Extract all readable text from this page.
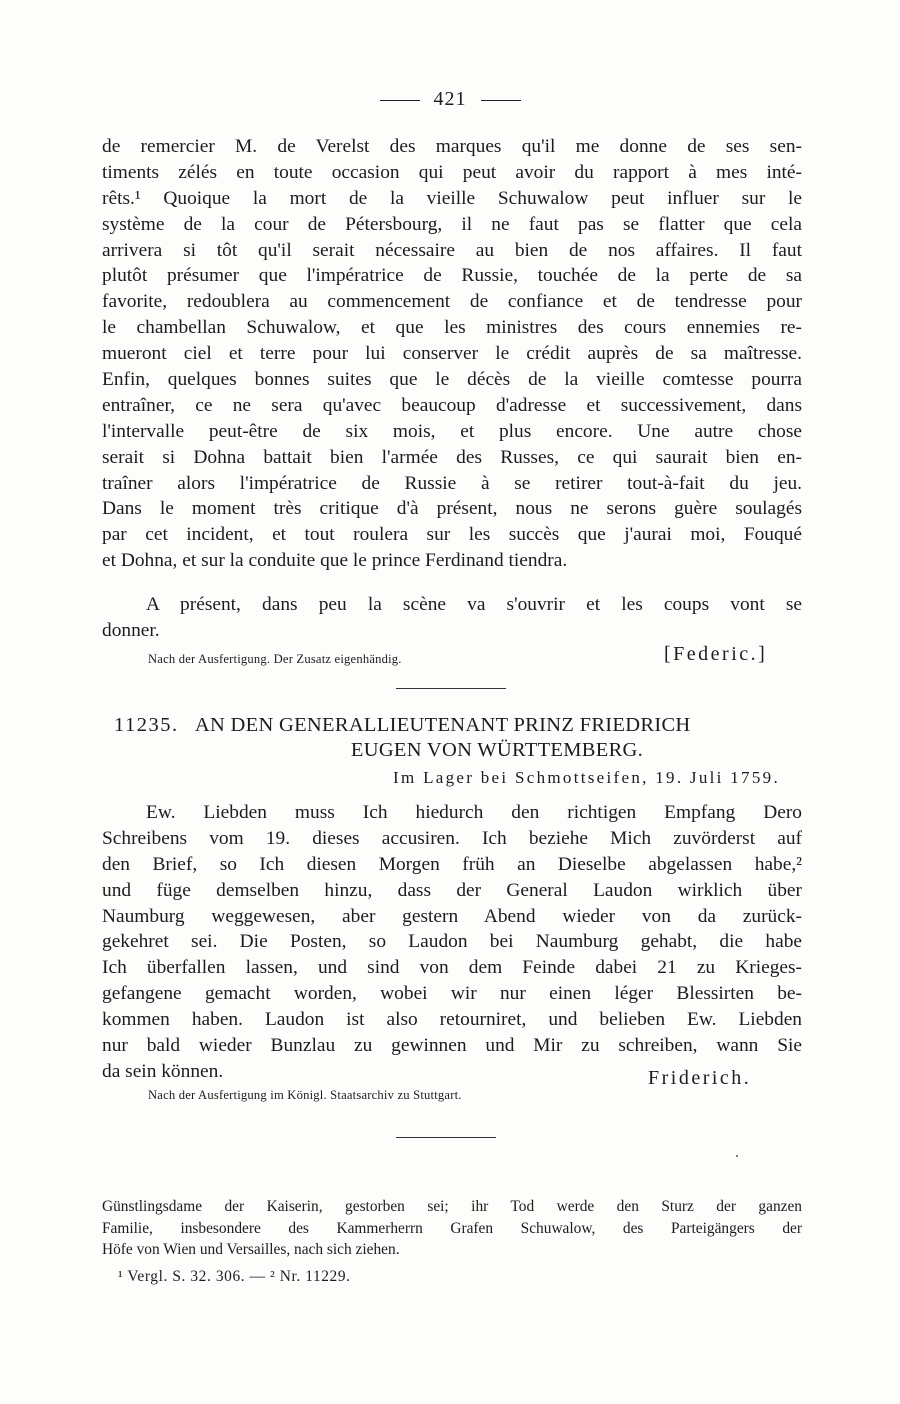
421
de remercier M. de Verelst des marques qu'il me donne de ses sen-
timents zélés en toute occasion qui peut avoir du rapport à mes inté-
rêts.¹ Quoique la mort de la vieille Schuwalow peut influer sur le
système de la cour de Pétersbourg, il ne faut pas se flatter que cela
arrivera si tôt qu'il serait nécessaire au bien de nos affaires. Il faut
plutôt présumer que l'impératrice de Russie, touchée de la perte de sa
favorite, redoublera au commencement de confiance et de tendresse pour
le chambellan Schuwalow, et que les ministres des cours ennemies re-
mueront ciel et terre pour lui conserver le crédit auprès de sa maîtresse.
Enfin, quelques bonnes suites que le décès de la vieille comtesse pourra
entraîner, ce ne sera qu'avec beaucoup d'adresse et successivement, dans
l'intervalle peut-être de six mois, et plus encore. Une autre chose
serait si Dohna battait bien l'armée des Russes, ce qui saurait bien en-
traîner alors l'impératrice de Russie à se retirer tout-à-fait du jeu.
Dans le moment très critique d'à présent, nous ne serons guère soulagés
par cet incident, et tout roulera sur les succès que j'aurai moi, Fouqué
et Dohna, et sur la conduite que le prince Ferdinand tiendra.
A présent, dans peu la scène va s'ouvrir et les coups vont se
donner.
Nach der Ausfertigung. Der Zusatz eigenhändig.	[Federic.]
11235. AN DEN GENERALLIEUTENANT PRINZ FRIEDRICH
EUGEN VON WÜRTTEMBERG.
Im Lager bei Schmottseifen, 19. Juli 1759.
Ew. Liebden muss Ich hiedurch den richtigen Empfang Dero
Schreibens vom 19. dieses accusiren. Ich beziehe Mich zuvörderst auf
den Brief, so Ich diesen Morgen früh an Dieselbe abgelassen habe,²
und füge demselben hinzu, dass der General Laudon wirklich über
Naumburg weggewesen, aber gestern Abend wieder von da zurück-
gekehret sei. Die Posten, so Laudon bei Naumburg gehabt, die habe
Ich überfallen lassen, und sind von dem Feinde dabei 21 zu Krieges-
gefangene gemacht worden, wobei wir nur einen léger Blessirten be-
kommen haben. Laudon ist also retourniret, und belieben Ew. Liebden
nur bald wieder Bunzlau zu gewinnen und Mir zu schreiben, wann Sie
da sein können.	Friderich.
Nach der Ausfertigung im Königl. Staatsarchiv zu Stuttgart.
Günstlingsdame der Kaiserin, gestorben sei; ihr Tod werde den Sturz der ganzen
Familie, insbesondere des Kammerherrn Grafen Schuwalow, des Parteigängers der
Höfe von Wien und Versailles, nach sich ziehen.
¹ Vergl. S. 32. 306. — ² Nr. 11229.
